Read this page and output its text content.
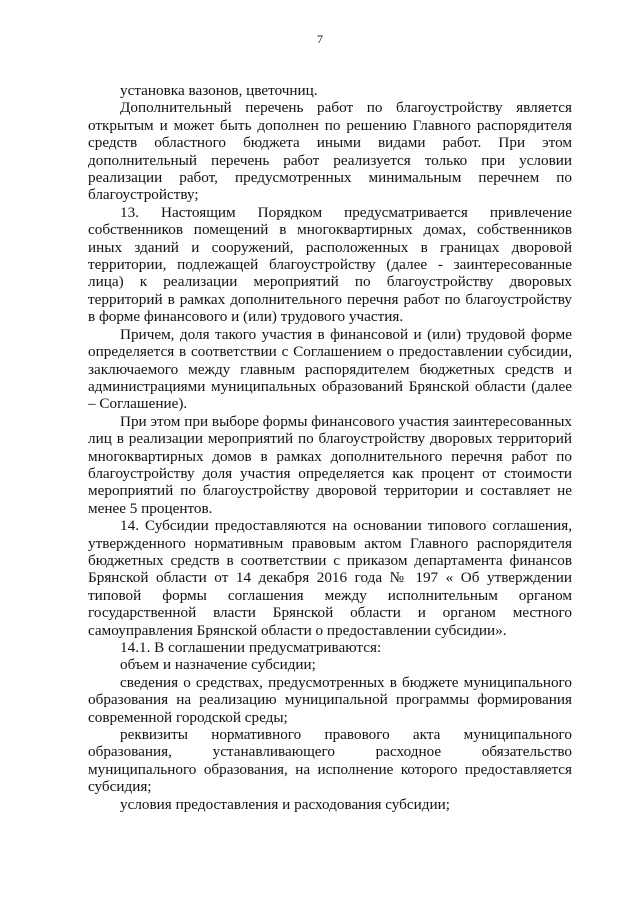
7

установка вазонов, цветочниц.

Дополнительный перечень работ по благоустройству является открытым и может быть дополнен по решению Главного распорядителя средств областного бюджета иными видами работ. При этом дополнительный перечень работ реализуется только при условии реализации работ, предусмотренных минимальным перечнем по благоустройству;

13. Настоящим Порядком предусматривается привлечение собственников помещений в многоквартирных домах, собственников иных зданий и сооружений, расположенных в границах дворовой территории, подлежащей благоустройству (далее - заинтересованные лица) к реализации мероприятий по благоустройству дворовых территорий в рамках дополнительного перечня работ по благоустройству в форме финансового и (или) трудового участия.

Причем, доля такого участия в финансовой и (или) трудовой форме определяется в соответствии с Соглашением о предоставлении субсидии, заключаемого между главным распорядителем бюджетных средств и администрациями муниципальных образований Брянской области (далее – Соглашение).

При этом при выборе формы финансового участия заинтересованных лиц в реализации мероприятий по благоустройству дворовых территорий многоквартирных домов в рамках дополнительного перечня работ по благоустройству доля участия определяется как процент от стоимости мероприятий по благоустройству дворовой территории и составляет не менее 5 процентов.

14. Субсидии предоставляются на основании типового соглашения, утвержденного нормативным правовым актом Главного распорядителя бюджетных средств в соответствии с приказом департамента финансов Брянской области от 14 декабря 2016 года № 197 « Об утверждении типовой формы соглашения между исполнительным органом государственной власти Брянской области и органом местного самоуправления Брянской области о предоставлении субсидии».

14.1. В соглашении предусматриваются:

объем и назначение субсидии;

сведения о средствах, предусмотренных в бюджете муниципального образования на реализацию муниципальной программы формирования современной городской среды;

реквизиты нормативного правового акта муниципального образования, устанавливающего расходное обязательство муниципального образования, на исполнение которого предоставляется субсидия;

условия предоставления и расходования субсидии;
